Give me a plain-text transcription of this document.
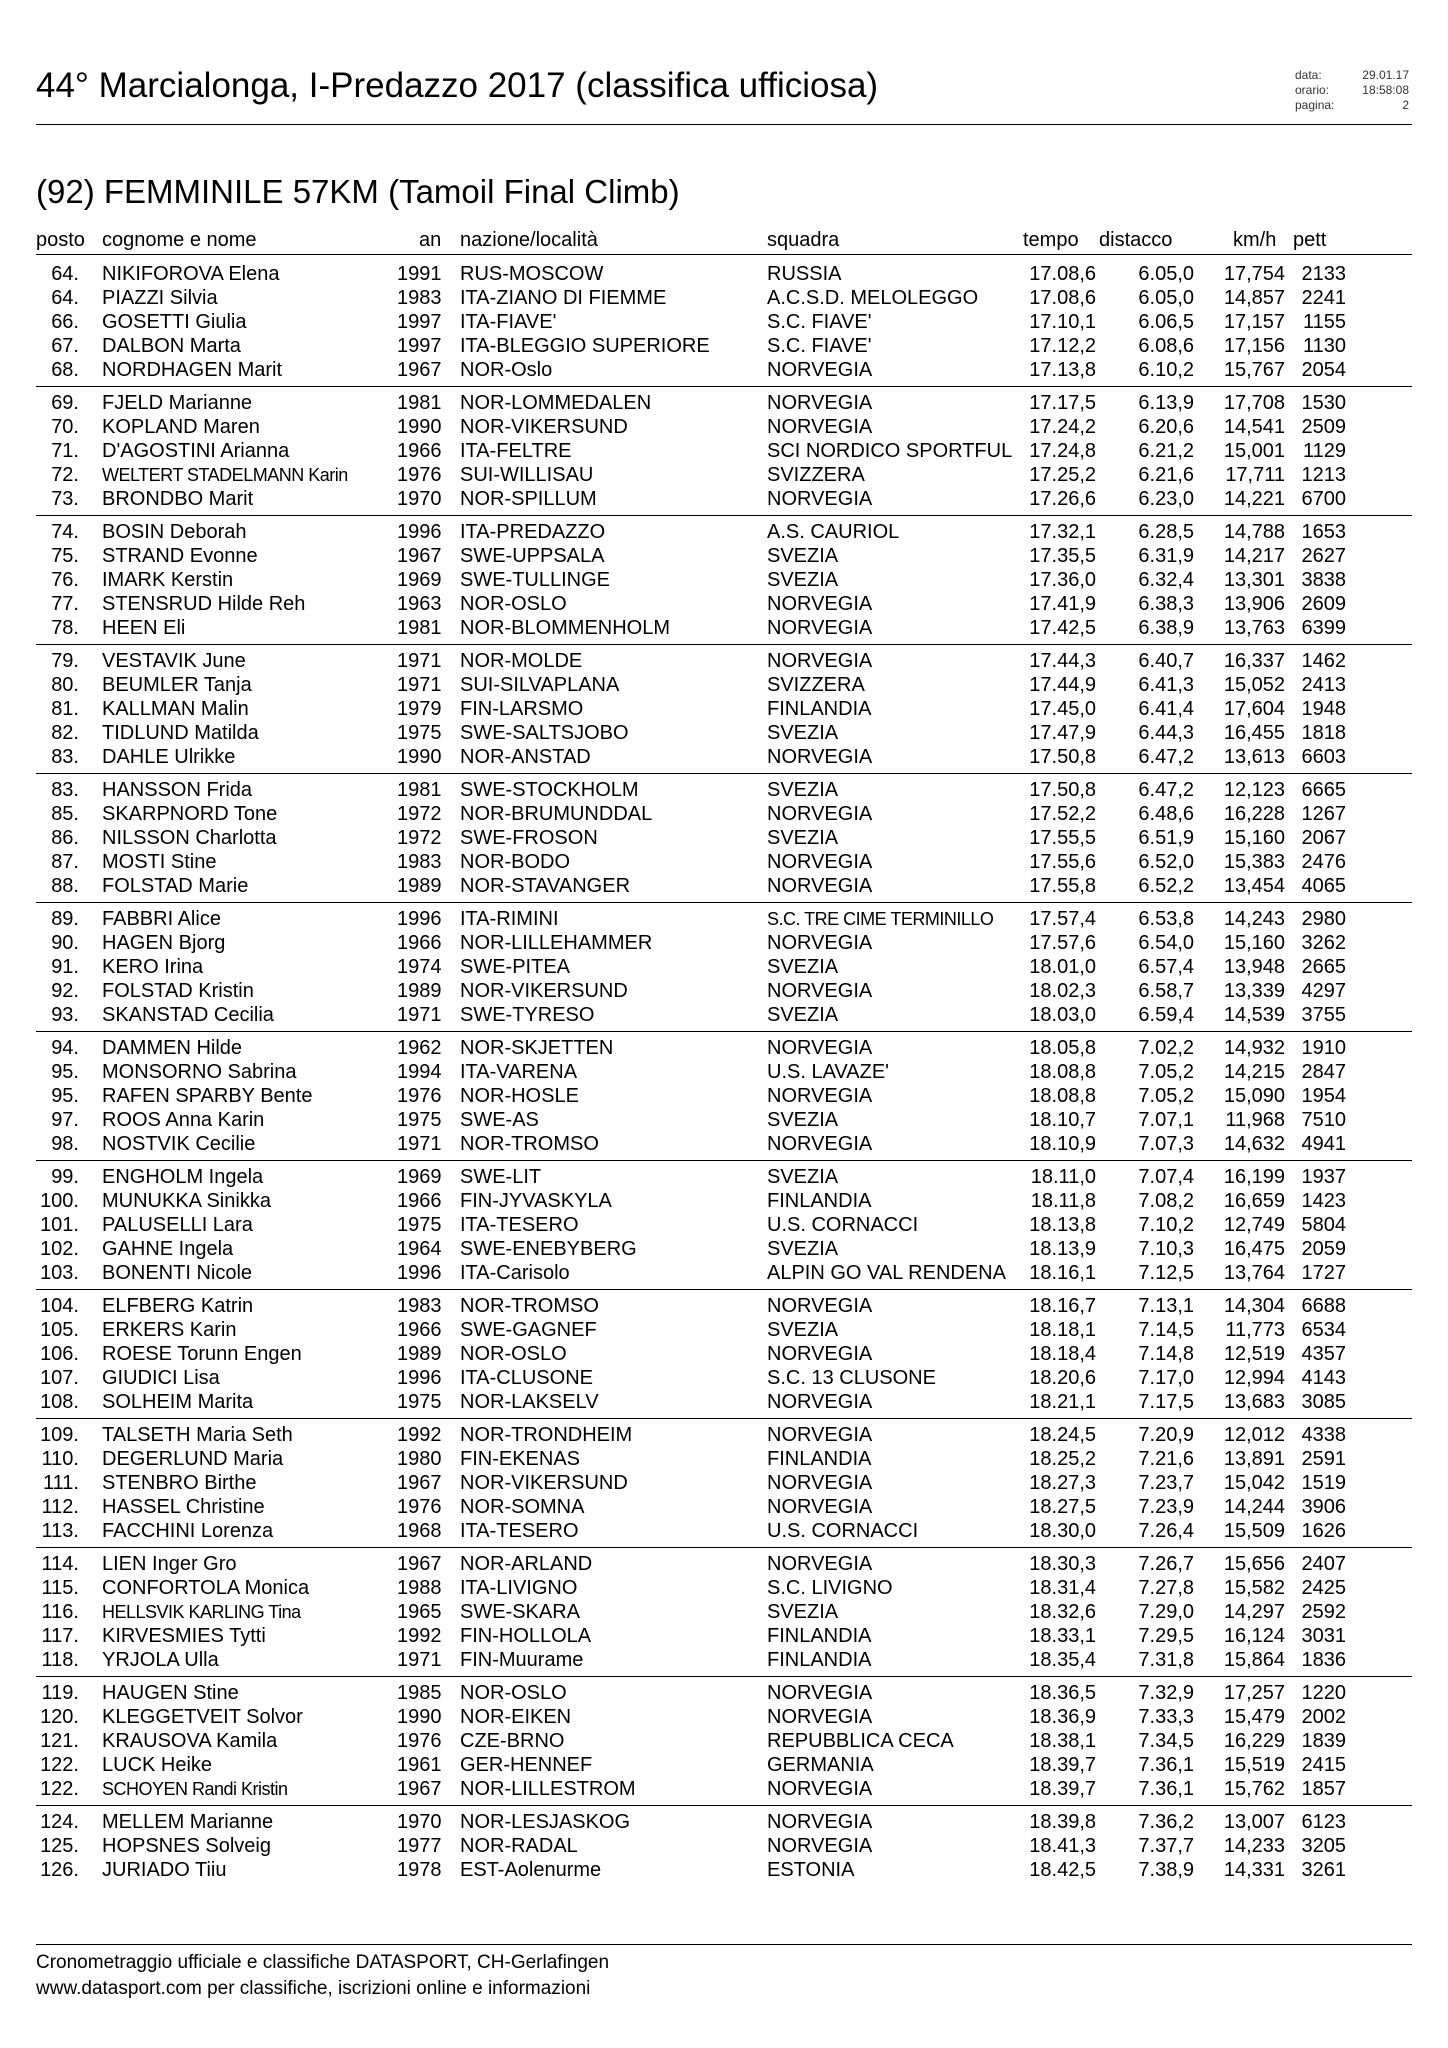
44° Marcialonga, I-Predazzo 2017 (classifica ufficiosa)	data:	29.01.17
orario:	18:58:08
pagina:	2
(92) FEMMINILE 57KM (Tamoil Final Climb)
posto cognome e nome	an nazione/località	squadra	tempo distacco	km/h pett
64. NIKIFOROVA Elena	1991 RUS-MOSCOW	RUSSIA	17.08,6	6.05,0	17,754 2133
64. PIAZZI Silvia	1983 ITA-ZIANO DI FIEMME	A.C.S.D. MELOLEGGO	17.08,6	6.05,0	14,857 2241
66. GOSETTI Giulia	1997 ITA-FIAVE'	S.C. FIAVE'	17.10,1	6.06,5	17,157 1155
67. DALBON Marta	1997 ITA-BLEGGIO SUPERIORE	S.C. FIAVE'	17.12,2	6.08,6	17,156 1130
68. NORDHAGEN Marit	1967 NOR-Oslo	NORVEGIA	17.13,8	6.10,2	15,767 2054
69. FJELD Marianne	1981 NOR-LOMMEDALEN	NORVEGIA	17.17,5	6.13,9	17,708 1530
70. KOPLAND Maren	1990 NOR-VIKERSUND	NORVEGIA	17.24,2	6.20,6	14,541 2509
71. D'AGOSTINI Arianna	1966 ITA-FELTRE	SCI NORDICO SPORTFUL 17.24,8	6.21,2	15,001 1129
72. WELTERT STADELMANN Karin	1976 SUI-WILLISAU	SVIZZERA	17.25,2	6.21,6	17,711 1213
73. BRONDBO Marit	1970 NOR-SPILLUM	NORVEGIA	17.26,6	6.23,0	14,221 6700
74. BOSIN Deborah	1996 ITA-PREDAZZO	A.S. CAURIOL	17.32,1	6.28,5	14,788 1653
75. STRAND Evonne	1967 SWE-UPPSALA	SVEZIA	17.35,5	6.31,9	14,217 2627
76. IMARK Kerstin	1969 SWE-TULLINGE	SVEZIA	17.36,0	6.32,4	13,301 3838
77. STENSRUD Hilde Reh	1963 NOR-OSLO	NORVEGIA	17.41,9	6.38,3	13,906 2609
78. HEEN Eli	1981 NOR-BLOMMENHOLM	NORVEGIA	17.42,5	6.38,9	13,763 6399
79. VESTAVIK June	1971 NOR-MOLDE	NORVEGIA	17.44,3	6.40,7	16,337 1462
80. BEUMLER Tanja	1971 SUI-SILVAPLANA	SVIZZERA	17.44,9	6.41,3	15,052 2413
81. KALLMAN Malin	1979 FIN-LARSMO	FINLANDIA	17.45,0	6.41,4	17,604 1948
82. TIDLUND Matilda	1975 SWE-SALTSJOBO	SVEZIA	17.47,9	6.44,3	16,455 1818
83. DAHLE Ulrikke	1990 NOR-ANSTAD	NORVEGIA	17.50,8	6.47,2	13,613 6603
83. HANSSON Frida	1981 SWE-STOCKHOLM	SVEZIA	17.50,8	6.47,2	12,123 6665
85. SKARPNORD Tone	1972 NOR-BRUMUNDDAL	NORVEGIA	17.52,2	6.48,6	16,228 1267
86. NILSSON Charlotta	1972 SWE-FROSON	SVEZIA	17.55,5	6.51,9	15,160 2067
87. MOSTI Stine	1983 NOR-BODO	NORVEGIA	17.55,6	6.52,0	15,383 2476
88. FOLSTAD Marie	1989 NOR-STAVANGER	NORVEGIA	17.55,8	6.52,2	13,454 4065
89. FABBRI Alice	1996 ITA-RIMINI	S.C. TRE CIME TERMINILLO	17.57,4	6.53,8	14,243 2980
90. HAGEN Bjorg	1966 NOR-LILLEHAMMER	NORVEGIA	17.57,6	6.54,0	15,160 3262
91. KERO Irina	1974 SWE-PITEA	SVEZIA	18.01,0	6.57,4	13,948 2665
92. FOLSTAD Kristin	1989 NOR-VIKERSUND	NORVEGIA	18.02,3	6.58,7	13,339 4297
93. SKANSTAD Cecilia	1971 SWE-TYRESO	SVEZIA	18.03,0	6.59,4	14,539 3755
94. DAMMEN Hilde	1962 NOR-SKJETTEN	NORVEGIA	18.05,8	7.02,2	14,932 1910
95. MONSORNO Sabrina	1994 ITA-VARENA	U.S. LAVAZE'	18.08,8	7.05,2	14,215 2847
95. RAFEN SPARBY Bente	1976 NOR-HOSLE	NORVEGIA	18.08,8	7.05,2	15,090 1954
97. ROOS Anna Karin	1975 SWE-AS	SVEZIA	18.10,7	7.07,1	11,968 7510
98. NOSTVIK Cecilie	1971 NOR-TROMSO	NORVEGIA	18.10,9	7.07,3	14,632 4941
99. ENGHOLM Ingela	1969 SWE-LIT	SVEZIA	18.11,0	7.07,4	16,199 1937
100. MUNUKKA Sinikka	1966 FIN-JYVASKYLA	FINLANDIA	18.11,8	7.08,2	16,659 1423
101. PALUSELLI Lara	1975 ITA-TESERO	U.S. CORNACCI	18.13,8	7.10,2	12,749 5804
102. GAHNE Ingela	1964 SWE-ENEBYBERG	SVEZIA	18.13,9	7.10,3	16,475 2059
103. BONENTI Nicole	1996 ITA-Carisolo	ALPIN GO VAL RENDENA	18.16,1	7.12,5	13,764 1727
104. ELFBERG Katrin	1983 NOR-TROMSO	NORVEGIA	18.16,7	7.13,1	14,304 6688
105. ERKERS Karin	1966 SWE-GAGNEF	SVEZIA	18.18,1	7.14,5	11,773 6534
106. ROESE Torunn Engen	1989 NOR-OSLO	NORVEGIA	18.18,4	7.14,8	12,519 4357
107. GIUDICI Lisa	1996 ITA-CLUSONE	S.C. 13 CLUSONE	18.20,6	7.17,0	12,994 4143
108. SOLHEIM Marita	1975 NOR-LAKSELV	NORVEGIA	18.21,1	7.17,5	13,683 3085
109. TALSETH Maria Seth	1992 NOR-TRONDHEIM	NORVEGIA	18.24,5	7.20,9	12,012 4338
110. DEGERLUND Maria	1980 FIN-EKENAS	FINLANDIA	18.25,2	7.21,6	13,891 2591
111. STENBRO Birthe	1967 NOR-VIKERSUND	NORVEGIA	18.27,3	7.23,7	15,042 1519
112. HASSEL Christine	1976 NOR-SOMNA	NORVEGIA	18.27,5	7.23,9	14,244 3906
113. FACCHINI Lorenza	1968 ITA-TESERO	U.S. CORNACCI	18.30,0	7.26,4	15,509 1626
114. LIEN Inger Gro	1967 NOR-ARLAND	NORVEGIA	18.30,3	7.26,7	15,656 2407
115. CONFORTOLA Monica	1988 ITA-LIVIGNO	S.C. LIVIGNO	18.31,4	7.27,8	15,582 2425
116. HELLSVIK KARLING Tina	1965 SWE-SKARA	SVEZIA	18.32,6	7.29,0	14,297 2592
117. KIRVESMIES Tytti	1992 FIN-HOLLOLA	FINLANDIA	18.33,1	7.29,5	16,124 3031
118. YRJOLA Ulla	1971 FIN-Muurame	FINLANDIA	18.35,4	7.31,8	15,864 1836
119. HAUGEN Stine	1985 NOR-OSLO	NORVEGIA	18.36,5	7.32,9	17,257 1220
120. KLEGGETVEIT Solvor	1990 NOR-EIKEN	NORVEGIA	18.36,9	7.33,3	15,479 2002
121. KRAUSOVA Kamila	1976 CZE-BRNO	REPUBBLICA CECA	18.38,1	7.34,5	16,229 1839
122. LUCK Heike	1961 GER-HENNEF	GERMANIA	18.39,7	7.36,1	15,519 2415
122. SCHOYEN Randi Kristin	1967 NOR-LILLESTROM	NORVEGIA	18.39,7	7.36,1	15,762 1857
124. MELLEM Marianne	1970 NOR-LESJASKOG	NORVEGIA	18.39,8	7.36,2	13,007 6123
125. HOPSNES Solveig	1977 NOR-RADAL	NORVEGIA	18.41,3	7.37,7	14,233 3205
126. JURIADO Tiiu	1978 EST-Aolenurme	ESTONIA	18.42,5	7.38,9	14,331 3261
Cronometraggio ufficiale e classifiche DATASPORT, CH-Gerlafingen
www.datasport.com per classifiche, iscrizioni online e informazioni
